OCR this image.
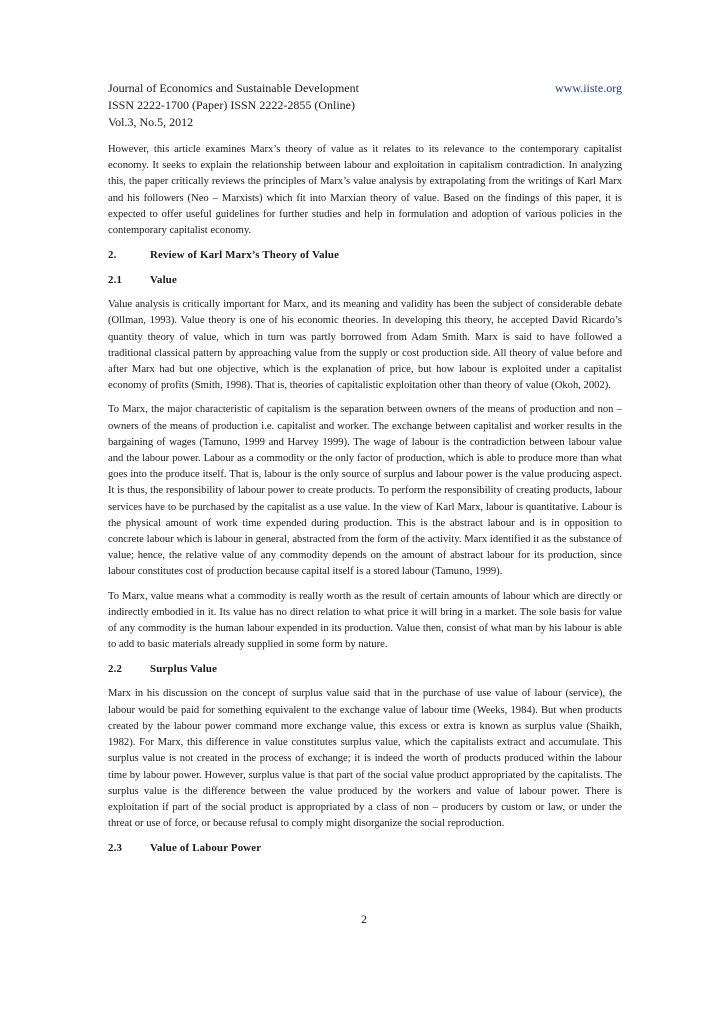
Journal of Economics and Sustainable Development	www.iiste.org
ISSN 2222-1700 (Paper) ISSN 2222-2855 (Online)
Vol.3, No.5, 2012

However, this article examines Marx’s theory of value as it relates to its relevance to the contemporary capitalist economy. It seeks to explain the relationship between labour and exploitation in capitalism contradiction. In analyzing this, the paper critically reviews the principles of Marx’s value analysis by extrapolating from the writings of Karl Marx and his followers (Neo – Marxists) which fit into Marxian theory of value. Based on the findings of this paper, it is expected to offer useful guidelines for further studies and help in formulation and adoption of various policies in the contemporary capitalist economy.

2.	Review of Karl Marx’s Theory of Value
2.1	Value

Value analysis is critically important for Marx, and its meaning and validity has been the subject of considerable debate (Ollman, 1993). Value theory is one of his economic theories. In developing this theory, he accepted David Ricardo’s quantity theory of value, which in turn was partly borrowed from Adam Smith. Marx is said to have followed a traditional classical pattern by approaching value from the supply or cost production side. All theory of value before and after Marx had but one objective, which is the explanation of price, but how labour is exploited under a capitalist economy of profits (Smith, 1998). That is, theories of capitalistic exploitation other than theory of value (Okoh, 2002).

To Marx, the major characteristic of capitalism is the separation between owners of the means of production and non – owners of the means of production i.e. capitalist and worker. The exchange between capitalist and worker results in the bargaining of wages (Tamuno, 1999 and Harvey 1999). The wage of labour is the contradiction between labour value and the labour power. Labour as a commodity or the only factor of production, which is able to produce more than what goes into the produce itself. That is, labour is the only source of surplus and labour power is the value producing aspect. It is thus, the responsibility of labour power to create products. To perform the responsibility of creating products, labour services have to be purchased by the capitalist as a use value. In the view of Karl Marx, labour is quantitative. Labour is the physical amount of work time expended during production. This is the abstract labour and is in opposition to concrete labour which is labour in general, abstracted from the form of the activity. Marx identified it as the substance of value; hence, the relative value of any commodity depends on the amount of abstract labour for its production, since labour constitutes cost of production because capital itself is a stored labour (Tamuno, 1999).

To Marx, value means what a commodity is really worth as the result of certain amounts of labour which are directly or indirectly embodied in it. Its value has no direct relation to what price it will bring in a market. The sole basis for value of any commodity is the human labour expended in its production. Value then, consist of what man by his labour is able to add to basic materials already supplied in some form by nature.

2.2	Surplus Value

Marx in his discussion on the concept of surplus value said that in the purchase of use value of labour (service), the labour would be paid for something equivalent to the exchange value of labour time (Weeks, 1984). But when products created by the labour power command more exchange value, this excess or extra is known as surplus value (Shaikh, 1982). For Marx, this difference in value constitutes surplus value, which the capitalists extract and accumulate. This surplus value is not created in the process of exchange; it is indeed the worth of products produced within the labour time by labour power. However, surplus value is that part of the social value product appropriated by the capitalists. The surplus value is the difference between the value produced by the workers and value of labour power. There is exploitation if part of the social product is appropriated by a class of non – producers by custom or law, or under the threat or use of force, or because refusal to comply might disorganize the social reproduction.

2.3	Value of Labour Power
2
